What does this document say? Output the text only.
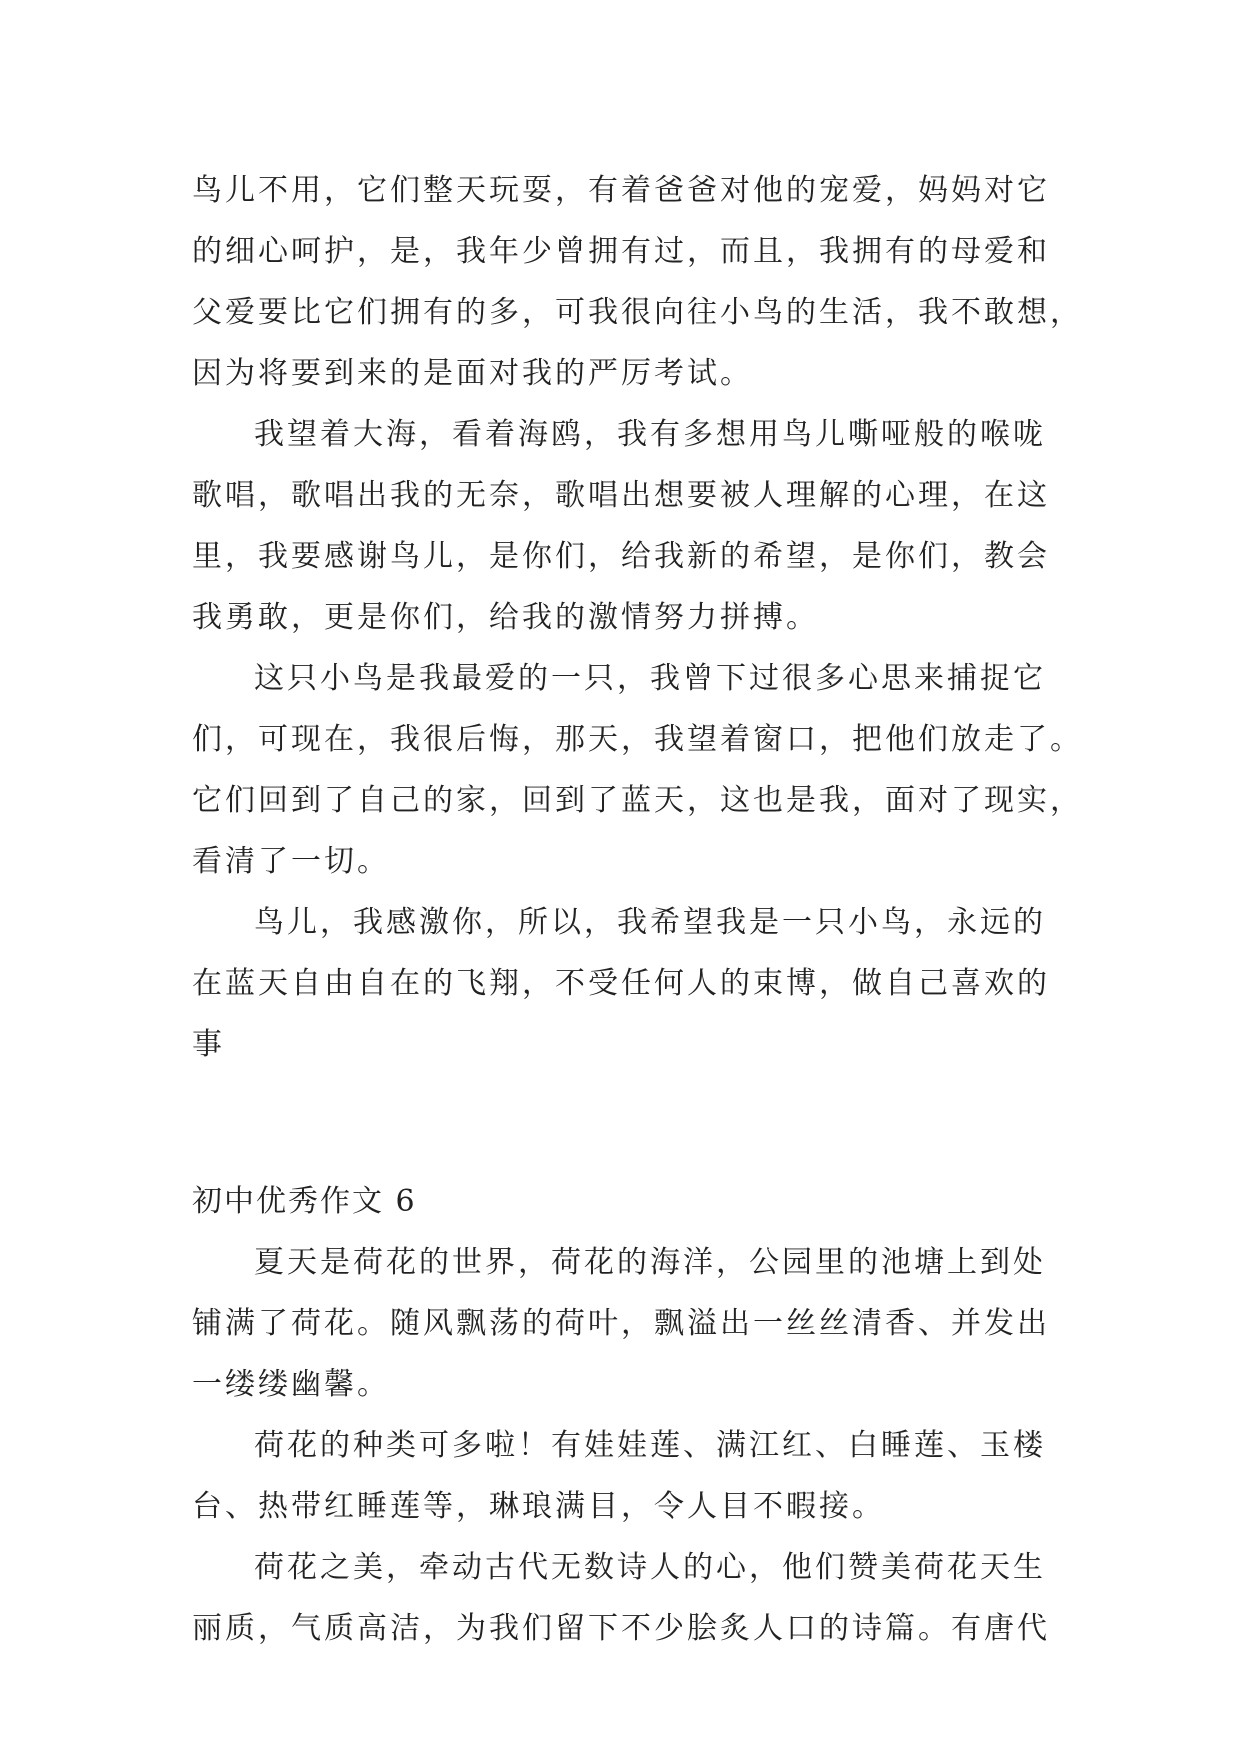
鸟儿不用，它们整天玩耍，有着爸爸对他的宠爱，妈妈对它
的细心呵护，是，我年少曾拥有过，而且，我拥有的母爱和
父爱要比它们拥有的多，可我很向往小鸟的生活，我不敢想，
因为将要到来的是面对我的严厉考试。

我望着大海，看着海鸥，我有多想用鸟儿嘶哑般的喉咙
歌唱，歌唱出我的无奈，歌唱出想要被人理解的心理，在这
里，我要感谢鸟儿，是你们，给我新的希望，是你们，教会
我勇敢，更是你们，给我的激情努力拼搏。

这只小鸟是我最爱的一只，我曾下过很多心思来捕捉它
们，可现在，我很后悔，那天，我望着窗口，把他们放走了。
它们回到了自己的家，回到了蓝天，这也是我，面对了现实，
看清了一切。

鸟儿，我感激你，所以，我希望我是一只小鸟，永远的
在蓝天自由自在的飞翔，不受任何人的束博，做自己喜欢的
事

初中优秀作文 6

夏天是荷花的世界，荷花的海洋，公园里的池塘上到处
铺满了荷花。随风飘荡的荷叶，飘溢出一丝丝清香、并发出
一缕缕幽馨。

荷花的种类可多啦！有娃娃莲、满江红、白睡莲、玉楼
台、热带红睡莲等，琳琅满目，令人目不暇接。

荷花之美，牵动古代无数诗人的心，他们赞美荷花天生
丽质，气质高洁，为我们留下不少脍炙人口的诗篇。有唐代
